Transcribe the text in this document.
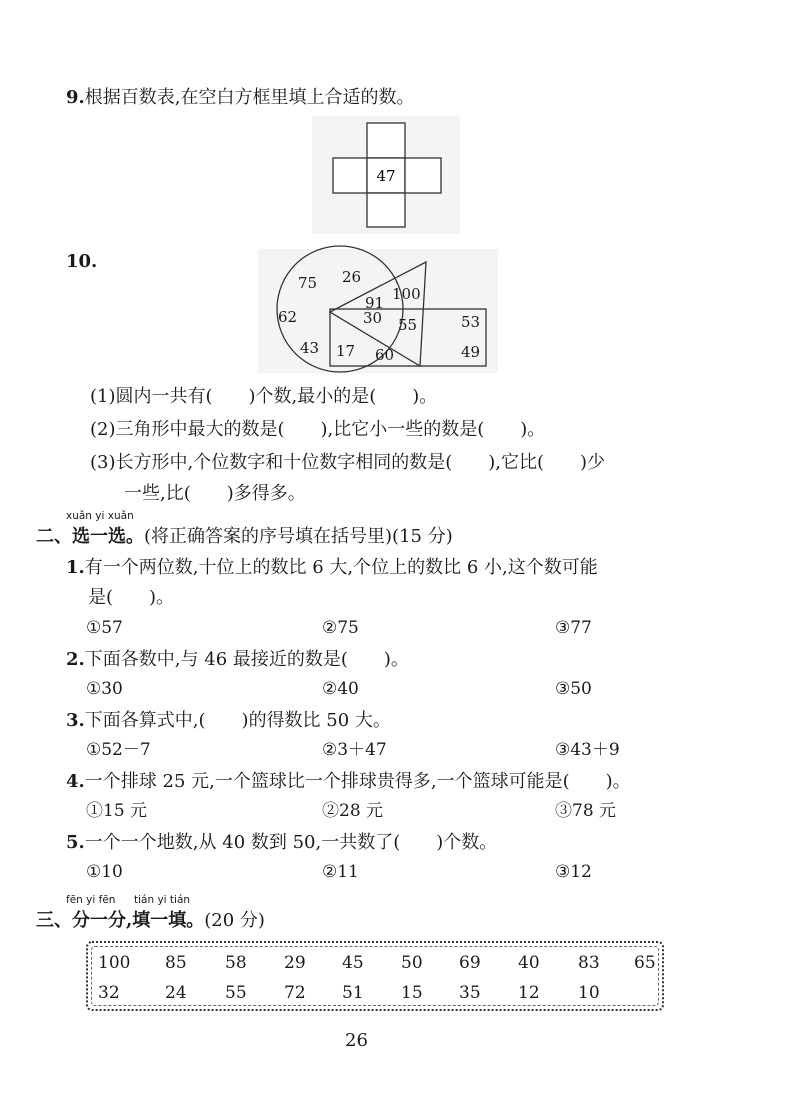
9.根据百数表,在空白方框里填上合适的数。
47
10.
75 26
62
43
91
30 55
17 60
100
53
49
(1)圆内一共有(　　)个数,最小的是(　　)。
(2)三角形中最大的数是(　　),比它小一些的数是(　　)。
(3)长方形中,个位数字和十位数字相同的数是(　　),它比(　　)少
一些,比(　　)多得多。
xuǎn yi xuǎn
二、选一选。(将正确答案的序号填在括号里)(15 分)
1.有一个两位数,十位上的数比 6 大,个位上的数比 6 小,这个数可能
是(　　)。
①57	②75	③77
2.下面各数中,与 46 最接近的数是(　　)。
①30	②40	③50
3.下面各算式中,(　　)的得数比 50 大。
①52－7	②3＋47	③43＋9
4.一个排球 25 元,一个篮球比一个排球贵得多,一个篮球可能是(　　)。
①15 元	②28 元	③78 元
5.一个一个地数,从 40 数到 50,一共数了(　　)个数。
①10	②11	③12
fēn yi fēn tián yi tián
三、分一分,填一填。(20 分)
100	85	58	29	45	50	69	40	83	65
32	24	55	72	51	15	35	12	10
26
